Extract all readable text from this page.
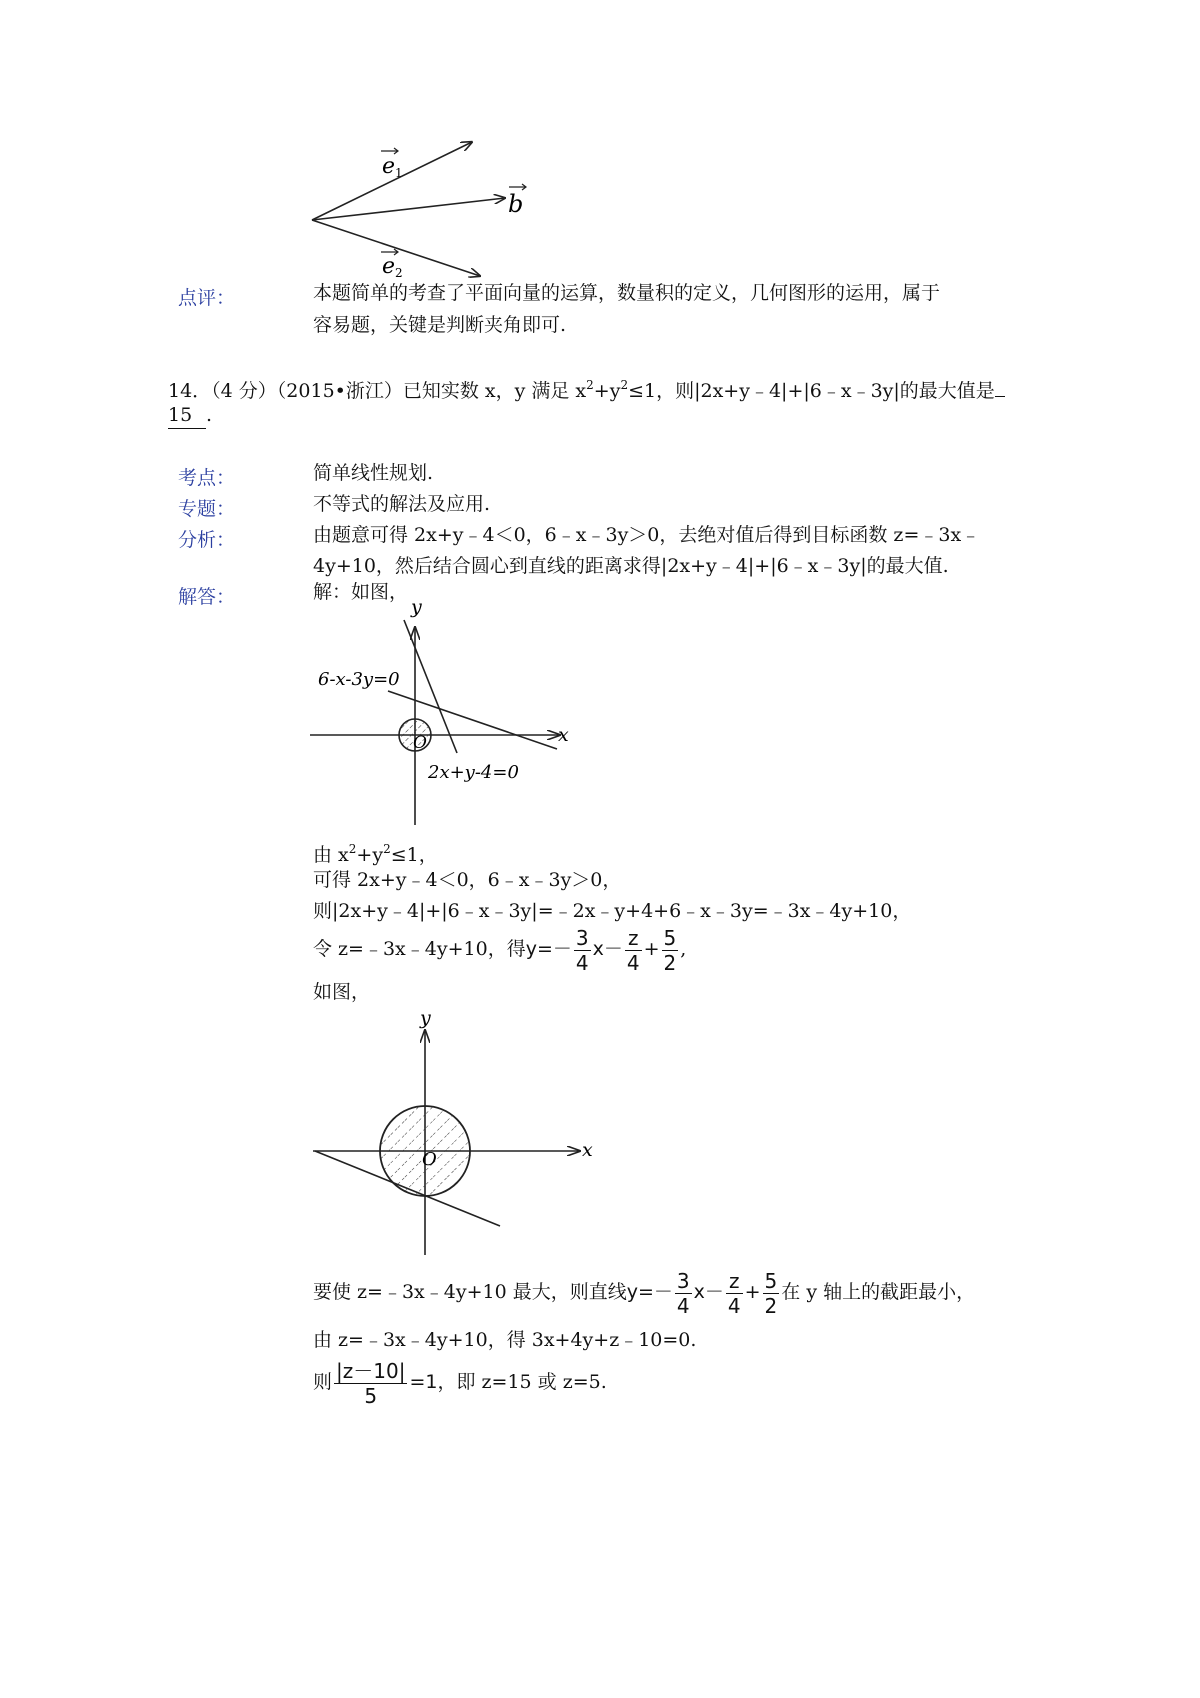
e 1
b
e 2
点评：	本题简单的考查了平面向量的运算，数量积的定义，几何图形的运用，属于
容易题，关键是判断夹角即可.
14．（4 分）（2015•浙江）已知实数 x，y 满足 $x^2+y^2\le 1$，则|2x+y﹣4|+|6﹣x﹣3y|的最大值是
15 .
考点：	简单线性规划.
专题：	不等式的解法及应用.
分析：	由题意可得 2x+y﹣4＜0，6﹣x﹣3y＞0，去绝对值后得到目标函数 z=﹣3x﹣
4y+10，然后结合圆心到直线的距离求得|2x+y﹣4|+|6﹣x﹣3y|的最大值.
解答：	解：如图，
y
x
O
6-x-3y=0
2x+y-4=0
由 $x^2+y^2\le 1$，
可得 2x+y﹣4＜0，6﹣x﹣3y＞0，
则|2x+y﹣4|+|6﹣x﹣3y|=﹣2x﹣y+4+6﹣x﹣3y=﹣3x﹣4y+10，
令 z=﹣3x﹣4y+10，得$y=- \frac{3}{4} x- \frac{z}{4} + \frac{5}{2}$ ,
如图，
y
x
O
要使 z=﹣3x﹣4y+10 最大，则直线$y=- \frac{3}{4} x- \frac{z}{4} + \frac{5}{2}$ 在 y 轴上的截距最小，
由 z=﹣3x﹣4y+10，得 3x+4y+z﹣10=0.
则 $\frac{|z-10|}{5} =1$，即 z=15 或 z=5.
